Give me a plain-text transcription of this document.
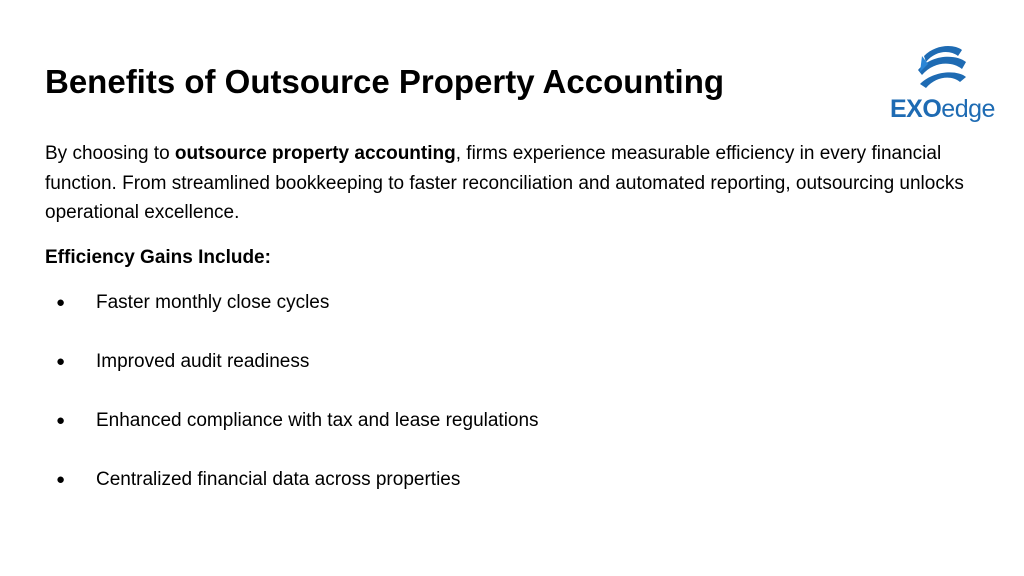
Benefits of Outsource Property Accounting
EXOedge

By choosing to outsource property accounting, firms experience measurable efficiency in every financial function. From streamlined bookkeeping to faster reconciliation and automated reporting, outsourcing unlocks operational excellence.

Efficiency Gains Include:

● Faster monthly close cycles
● Improved audit readiness
● Enhanced compliance with tax and lease regulations
● Centralized financial data across properties
